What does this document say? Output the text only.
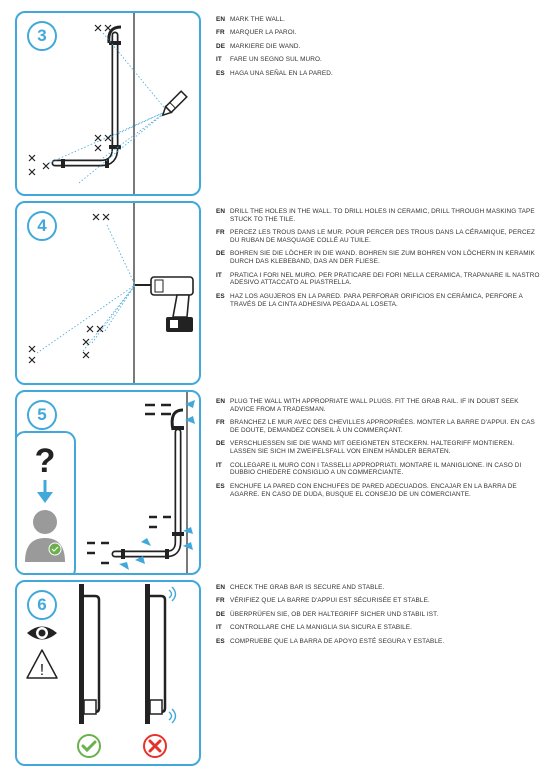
3
4
?
5
!
6
EN MARK THE WALL.
FR MARQUER LA PAROI.
DE MARKIERE DIE WAND.
IT	FARE UN SEGNO SUL MURO.
ES HAGA UNA SEÑAL EN LA PARED.
EN DRILL THE HOLES IN THE WALL. TO DRILL HOLES IN CERAMIC, DRILL THROUGH MASKING TAPE STUCK TO THE TILE.
FR PERCEZ LES TROUS DANS LE MUR. POUR PERCER DES TROUS DANS LA CÉRAMIQUE, PERCEZ DU RUBAN DE MASQUAGE COLLÉ AU TUILE.
DE BOHREN SIE DIE LÖCHER IN DIE WAND. BOHREN SIE ZUM BOHREN VON LÖCHERN IN KERAMIK DURCH DAS KLEBEBAND, DAS AN DER FLIESE.
IT	PRATICA I FORI NEL MURO. PER PRATICARE DEI FORI NELLA CERAMICA, TRAPANARE IL NASTRO ADESIVO ATTACCATO AL PIASTRELLA.
ES HAZ LOS AGUJEROS EN LA PARED. PARA PERFORAR ORIFICIOS EN CERÁMICA, PERFORE A TRAVÉS DE LA CINTA ADHESIVA PEGADA AL LOSETA.
EN PLUG THE WALL WITH APPROPRIATE WALL PLUGS. FIT THE GRAB RAIL. IF IN DOUBT SEEK ADVICE FROM A TRADESMAN.
FR BRANCHEZ LE MUR AVEC DES CHEVILLES APPROPRIÉES. MONTER LA BARRE D'APPUI. EN CAS DE DOUTE, DEMANDEZ CONSEIL À UN COMMERÇANT.
DE VERSCHLIESSEN SIE DIE WAND MIT GEEIGNETEN STECKERN. HALTEGRIFF MONTIEREN. LASSEN SIE SICH IM ZWEIFELSFALL VON EINEM HÄNDLER BERATEN.
IT	COLLEGARE IL MURO CON I TASSELLI APPROPRIATI. MONTARE IL MANIGLIONE. IN CASO DI DUBBIO CHIEDERE CONSIGLIO A UN COMMERCIANTE.
ES ENCHUFE LA PARED CON ENCHUFES DE PARED ADECUADOS. ENCAJAR EN LA BARRA DE AGARRE. EN CASO DE DUDA, BUSQUE EL CONSEJO DE UN COMERCIANTE.
EN CHECK THE GRAB BAR IS SECURE AND STABLE.
FR VÉRIFIEZ QUE LA BARRE D'APPUI EST SÉCURISÉE ET STABLE.
DE ÜBERPRÜFEN SIE, OB DER HALTEGRIFF SICHER UND STABIL IST.
IT	CONTROLLARE CHE LA MANIGLIA SIA SICURA E STABILE.
ES COMPRUEBE QUE LA BARRA DE APOYO ESTÉ SEGURA Y ESTABLE.
